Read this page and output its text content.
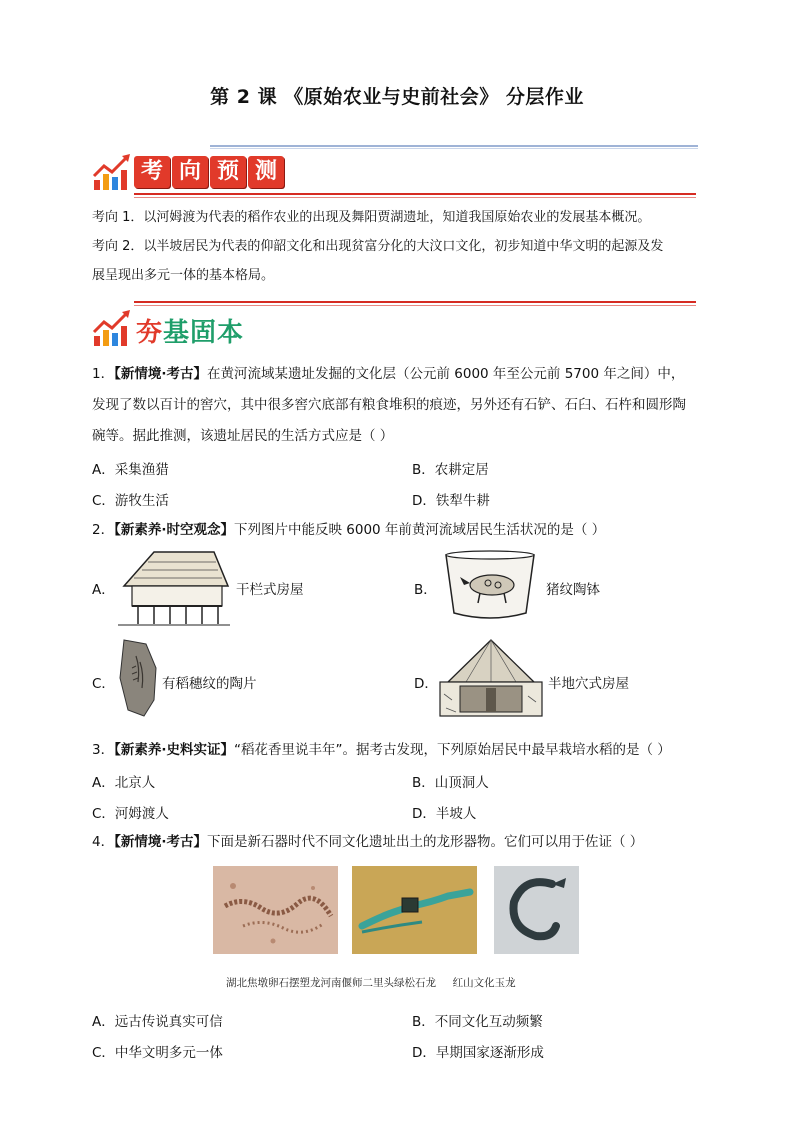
第 2 课 《原始农业与史前社会》 分层作业
考 向 预 测
考向 1．以河姆渡为代表的稻作农业的出现及舞阳贾湖遗址，知道我国原始农业的发展基本概况。
考向 2．以半坡居民为代表的仰韶文化和出现贫富分化的大汶口文化，初步知道中华文明的起源及发
展呈现出多元一体的基本格局。
夯基固本
1．【新情境·考古】在黄河流域某遗址发掘的文化层（公元前 6000 年至公元前 5700 年之间）中，
发现了数以百计的窖穴，其中很多窖穴底部有粮食堆积的痕迹，另外还有石铲、石臼、石杵和圆形陶
碗等。据此推测，该遗址居民的生活方式应是（ ）
A．采集渔猎	B．农耕定居
C．游牧生活	D．铁犁牛耕
2．【新素养·时空观念】下列图片中能反映 6000 年前黄河流域居民生活状况的是（ ）
A．	干栏式房屋	B．	猪纹陶钵
C．	有稻穗纹的陶片	D．	半地穴式房屋
3．【新素养·史料实证】“稻花香里说丰年”。据考古发现，下列原始居民中最早栽培水稻的是（ ）
A．北京人	B．山顶洞人
C．河姆渡人	D．半坡人
4．【新情境·考古】下面是新石器时代不同文化遗址出土的龙形器物。它们可以用于佐证（ ）
湖北焦墩卵石摆塑龙河南偃师二里头绿松石龙     红山文化玉龙
A．远古传说真实可信	B．不同文化互动频繁
C．中华文明多元一体	D．早期国家逐渐形成
